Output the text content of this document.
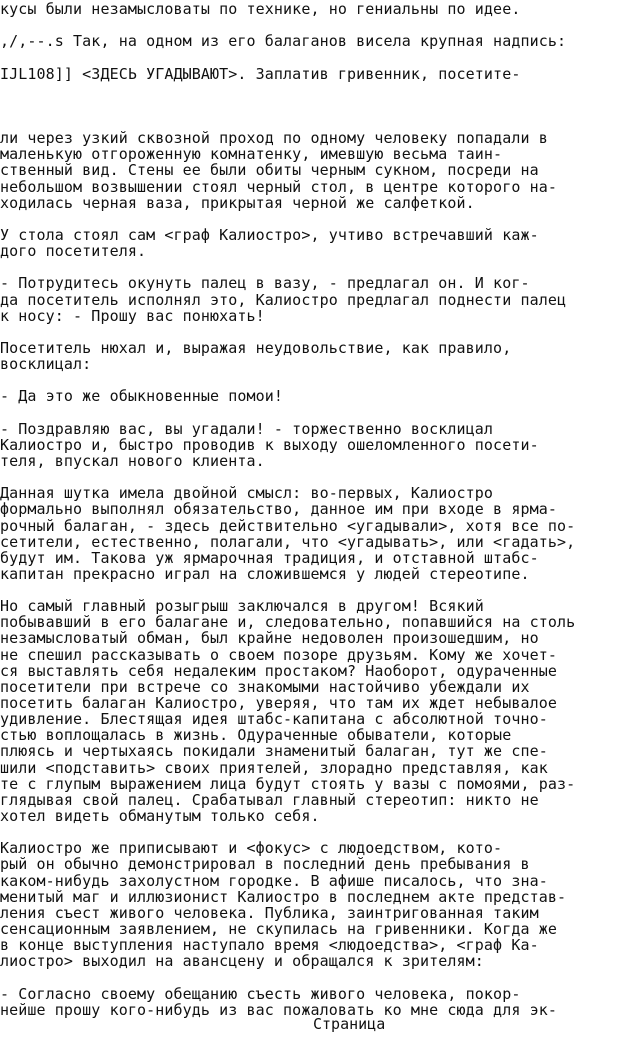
кусы были незамысловаты по технике, но гениальны по идее.
,/,--.s Так, на одном из его балаганов висела крупная надпись:
IJL108]] <ЗДЕСЬ УГАДЫВАЮТ>. Заплатив гривенник, посетите-
ли через узкий сквозной проход по одному человеку попадали в
маленькую отгороженную комнатенку, имевшую весьма таин-
ственный вид. Стены ее были обиты черным сукном, посреди на
небольшом возвышении стоял черный стол, в центре которого на-
ходилась черная ваза, прикрытая черной же салфеткой.
У стола стоял сам <граф Калиостро>, учтиво встречавший каж-
дого посетителя.
- Потрудитесь окунуть палец в вазу, - предлагал он. И ког-
да посетитель исполнял это, Калиостро предлагал поднести палец
к носу: - Прошу вас понюхать!
Посетитель нюхал и, выражая неудовольствие, как правило,
восклицал:
- Да это же обыкновенные помои!
- Поздравляю вас, вы угадали! - торжественно восклицал
Калиостро и, быстро проводив к выходу ошеломленного посети-
теля, впускал нового клиента.
Данная шутка имела двойной смысл: во-первых, Калиостро
формально выполнял обязательство, данное им при входе в ярма-
рочный балаган, - здесь действительно <угадывали>, хотя все по-
сетители, естественно, полагали, что <угадывать>, или <гадать>,
будут им. Такова уж ярмарочная традиция, и отставной штабс-
капитан прекрасно играл на сложившемся у людей стереотипе.
Но самый главный розыгрыш заключался в другом! Всякий
побывавший в его балагане и, следовательно, попавшийся на столь
незамысловатый обман, был крайне недоволен произошедшим, но
не спешил рассказывать о своем позоре друзьям. Кому же хочет-
ся выставлять себя недалеким простаком? Наоборот, одураченные
посетители при встрече со знакомыми настойчиво убеждали их
посетить балаган Калиостро, уверяя, что там их ждет небывалое
удивление. Блестящая идея штабс-капитана с абсолютной точно-
стью воплощалась в жизнь. Одураченные обыватели, которые
плюясь и чертыхаясь покидали знаменитый балаган, тут же спе-
шили <подставить> своих приятелей, злорадно представляя, как
те с глупым выражением лица будут стоять у вазы с помоями, раз-
глядывая свой палец. Срабатывал главный стереотип: никто не
хотел видеть обманутым только себя.
Калиостро же приписывают и <фокус> с людоедством, кото-
рый он обычно демонстрировал в последний день пребывания в
каком-нибудь захолустном городке. В афише писалось, что зна-
менитый маг и иллюзионист Калиостро в последнем акте представ-
ления съест живого человека. Публика, заинтригованная таким
сенсационным заявлением, не скупилась на гривенники. Когда же
в конце выступления наступало время <людоедства>, <граф Ка-
лиостро> выходил на авансцену и обращался к зрителям:
- Согласно своему обещанию съесть живого человека, покор-
нейше прошу кого-нибудь из вас пожаловать ко мне сюда для эк-
Страница
